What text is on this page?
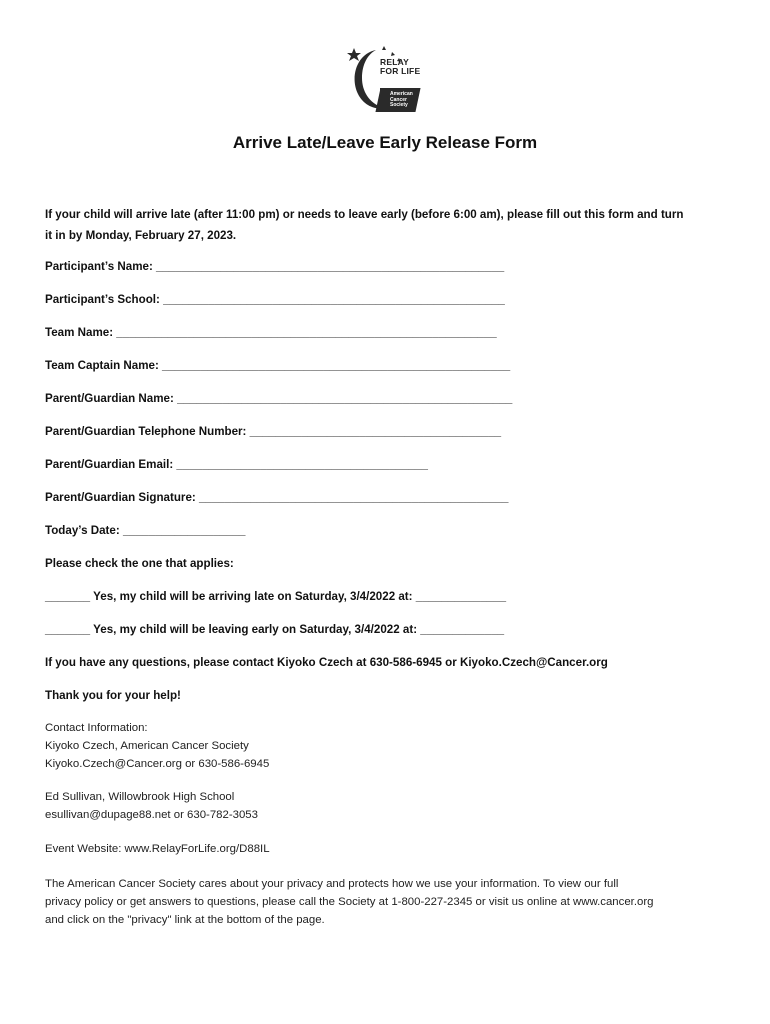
RELAY
FOR LIFE
American
Cancer
Society
Arrive Late/Leave Early Release Form
If your child will arrive late (after 11:00 pm) or needs to leave early (before 6:00 am), please fill out this form and turn
it in by Monday, February 27, 2023.
Participant’s Name: ______________________________________________________
Participant’s School: _____________________________________________________
Team Name: ___________________________________________________________
Team Captain Name: ______________________________________________________
Parent/Guardian Name: ____________________________________________________
Parent/Guardian Telephone Number: _______________________________________
Parent/Guardian Email: _______________________________________
Parent/Guardian Signature: ________________________________________________
Today’s Date: ___________________
Please check the one that applies:
_______ Yes, my child will be arriving late on Saturday, 3/4/2022 at: ______________
_______ Yes, my child will be leaving early on Saturday, 3/4/2022 at: _____________
If you have any questions, please contact Kiyoko Czech at 630-586-6945 or Kiyoko.Czech@Cancer.org
Thank you for your help!
Contact Information:
Kiyoko Czech, American Cancer Society
Kiyoko.Czech@Cancer.org or 630-586-6945
Ed Sullivan, Willowbrook High School
esullivan@dupage88.net or 630-782-3053
Event Website: www.RelayForLife.org/D88IL
The American Cancer Society cares about your privacy and protects how we use your information. To view our full
privacy policy or get answers to questions, please call the Society at 1-800-227-2345 or visit us online at www.cancer.org
and click on the "privacy" link at the bottom of the page.
